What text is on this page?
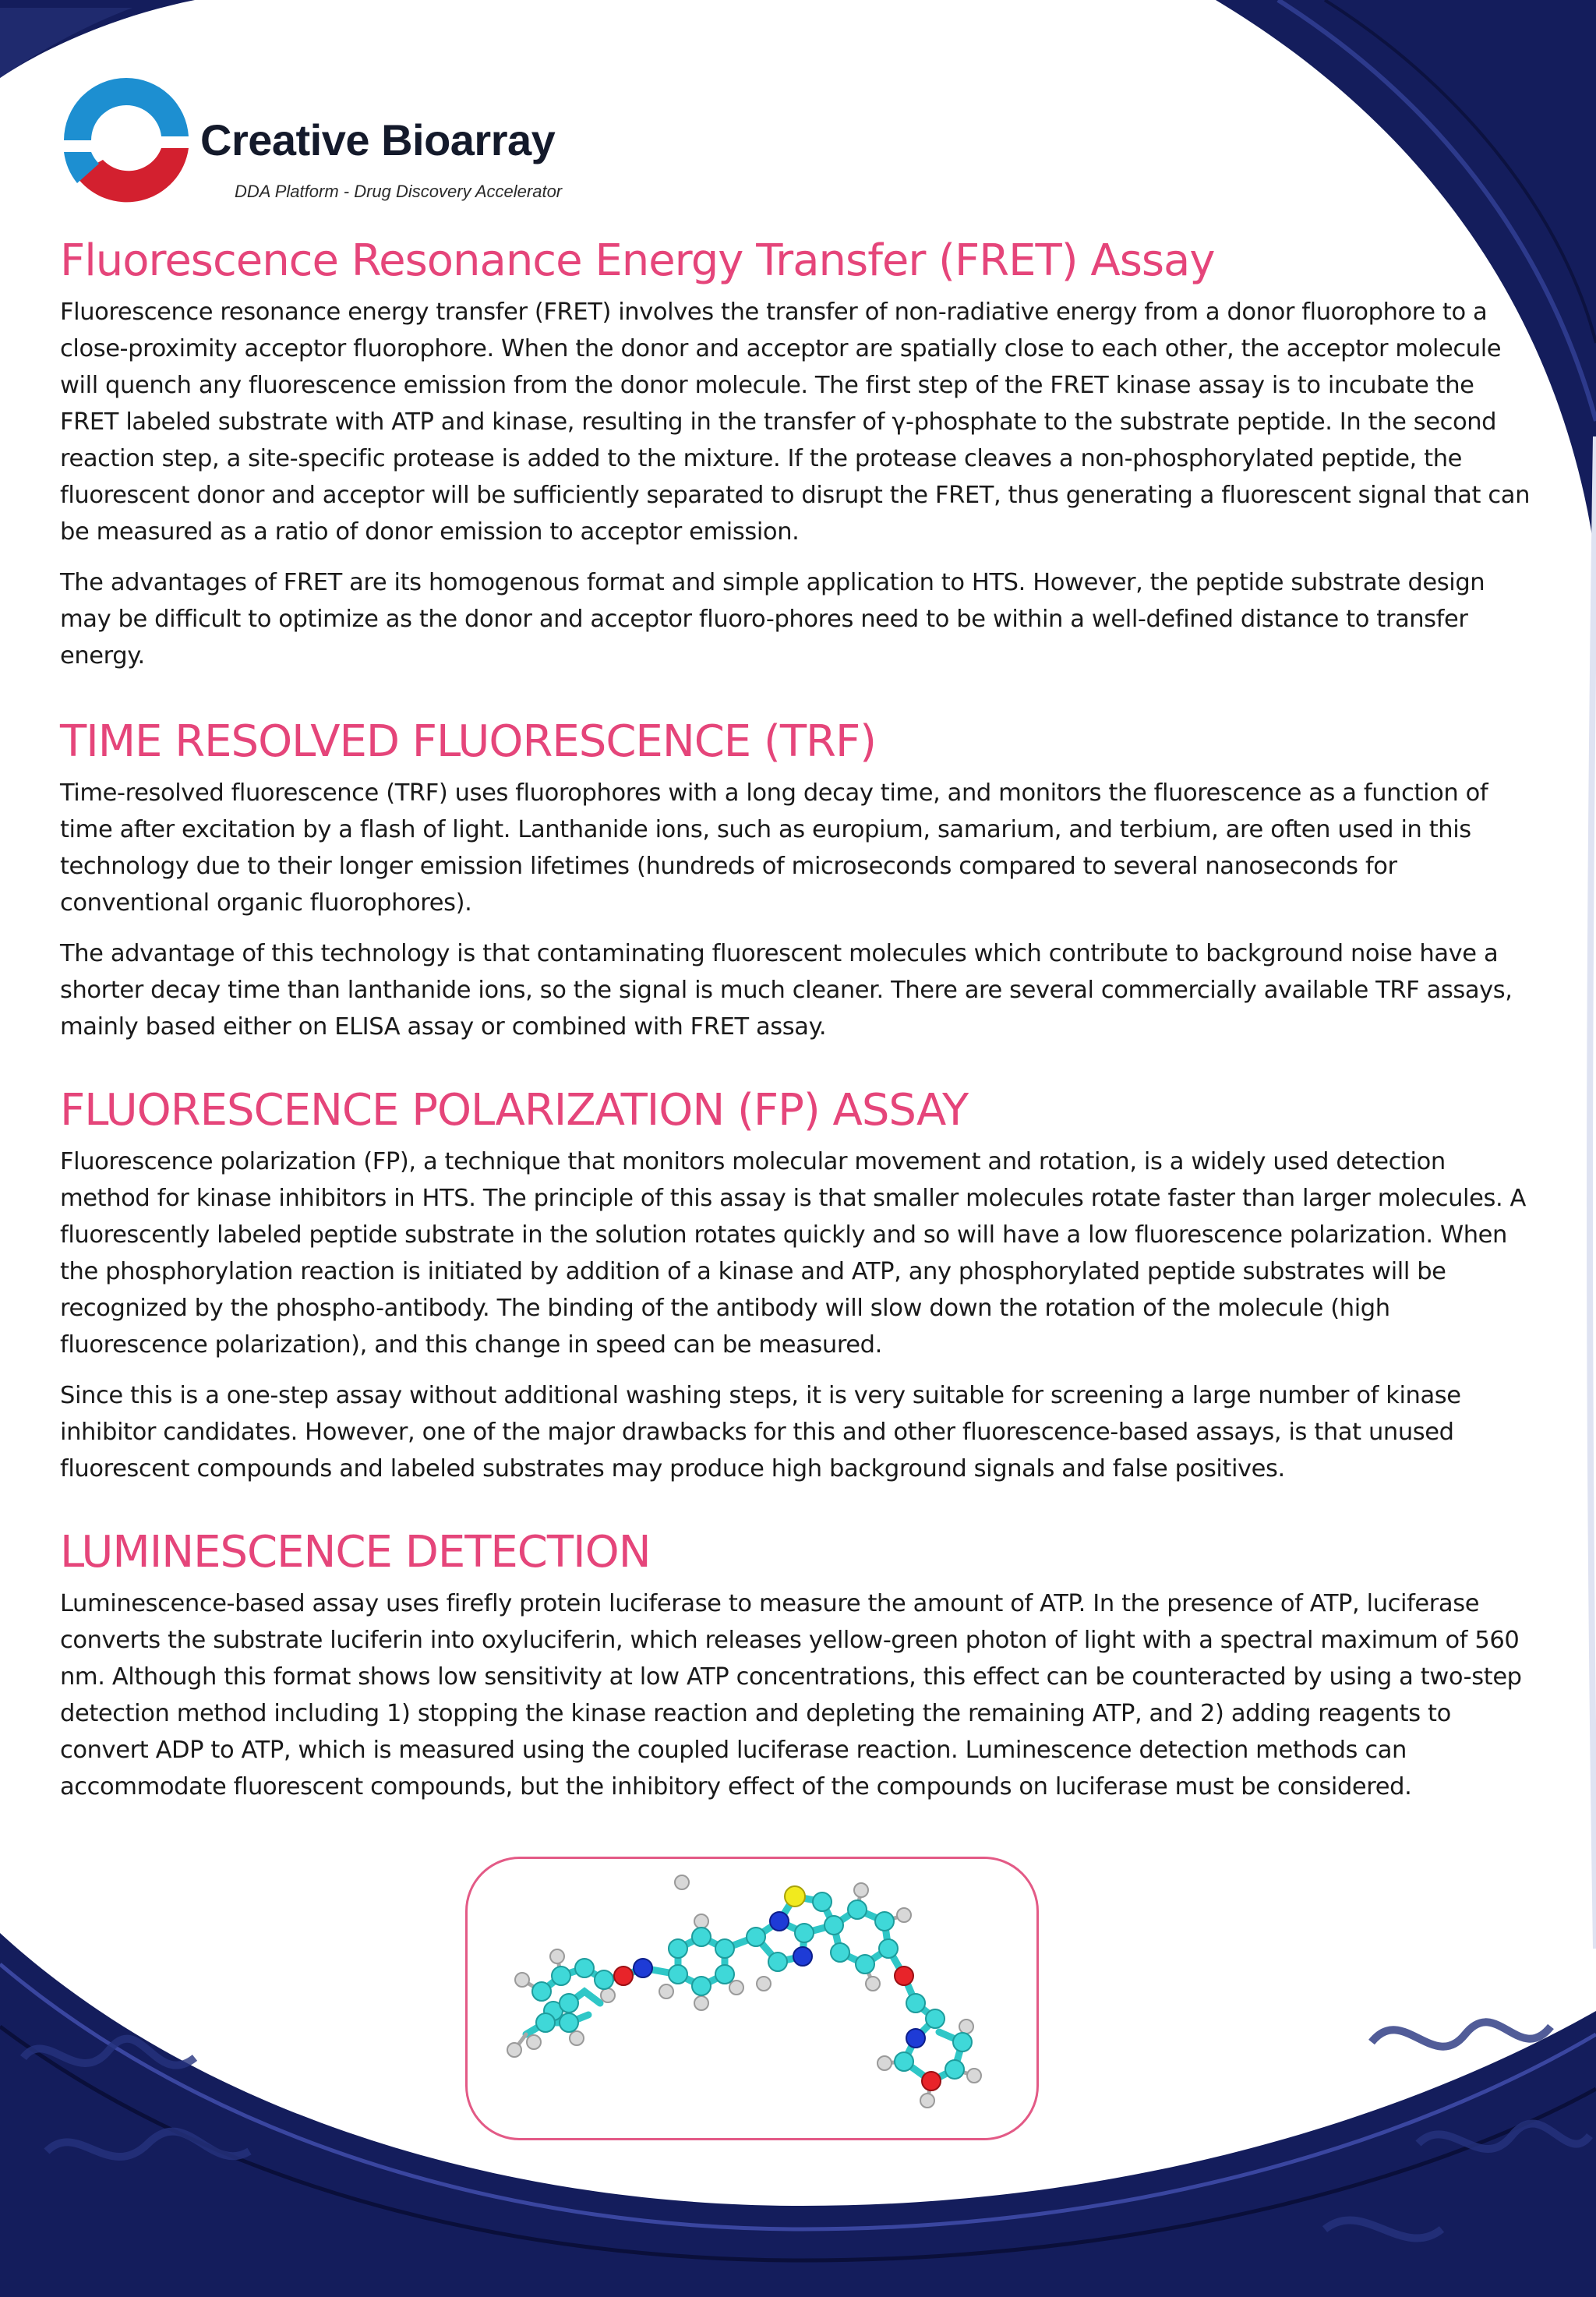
Creative Bioarray
DDA Platform - Drug Discovery Accelerator
Fluorescence Resonance Energy Transfer (FRET) Assay

Fluorescence resonance energy transfer (FRET) involves the transfer of non-radiative energy from a donor fluorophore to a close-proximity acceptor fluorophore. When the donor and acceptor are spatially close to each other, the acceptor molecule will quench any fluorescence emission from the donor molecule. The first step of the FRET kinase assay is to incubate the FRET labeled substrate with ATP and kinase, resulting in the transfer of γ-phosphate to the substrate peptide. In the second reaction step, a site-specific protease is added to the mixture. If the protease cleaves a non-phosphorylated peptide, the fluorescent donor and acceptor will be sufficiently separated to disrupt the FRET, thus generating a fluorescent signal that can be measured as a ratio of donor emission to acceptor emission.

The advantages of FRET are its homogenous format and simple application to HTS. However, the peptide substrate design may be difficult to optimize as the donor and acceptor fluoro-phores need to be within a well-defined distance to transfer energy.

TIME RESOLVED FLUORESCENCE (TRF)

Time-resolved fluorescence (TRF) uses fluorophores with a long decay time, and monitors the fluorescence as a function of time after excitation by a flash of light. Lanthanide ions, such as europium, samarium, and terbium, are often used in this technology due to their longer emission lifetimes (hundreds of microseconds compared to several nanoseconds for conventional organic fluorophores).

The advantage of this technology is that contaminating fluorescent molecules which contribute to background noise have a shorter decay time than lanthanide ions, so the signal is much cleaner. There are several commercially available TRF assays, mainly based either on ELISA assay or combined with FRET assay.

FLUORESCENCE POLARIZATION (FP) ASSAY

Fluorescence polarization (FP), a technique that monitors molecular movement and rotation, is a widely used detection method for kinase inhibitors in HTS. The principle of this assay is that smaller molecules rotate faster than larger molecules. A fluorescently labeled peptide substrate in the solution rotates quickly and so will have a low fluorescence polarization. When the phosphorylation reaction is initiated by addition of a kinase and ATP, any phosphorylated peptide substrates will be recognized by the phospho-antibody. The binding of the antibody will slow down the rotation of the molecule (high fluorescence polarization), and this change in speed can be measured.

Since this is a one-step assay without additional washing steps, it is very suitable for screening a large number of kinase inhibitor candidates. However, one of the major drawbacks for this and other fluorescence-based assays, is that unused fluorescent compounds and labeled substrates may produce high background signals and false positives.

LUMINESCENCE DETECTION

Luminescence-based assay uses firefly protein luciferase to measure the amount of ATP. In the presence of ATP, luciferase converts the substrate luciferin into oxyluciferin, which releases yellow-green photon of light with a spectral maximum of 560 nm. Although this format shows low sensitivity at low ATP concentrations, this effect can be counteracted by using a two-step detection method including 1) stopping the kinase reaction and depleting the remaining ATP, and 2) adding reagents to convert ADP to ATP, which is measured using the coupled luciferase reaction. Luminescence detection methods can accommodate fluorescent compounds, but the inhibitory effect of the compounds on luciferase must be considered.
